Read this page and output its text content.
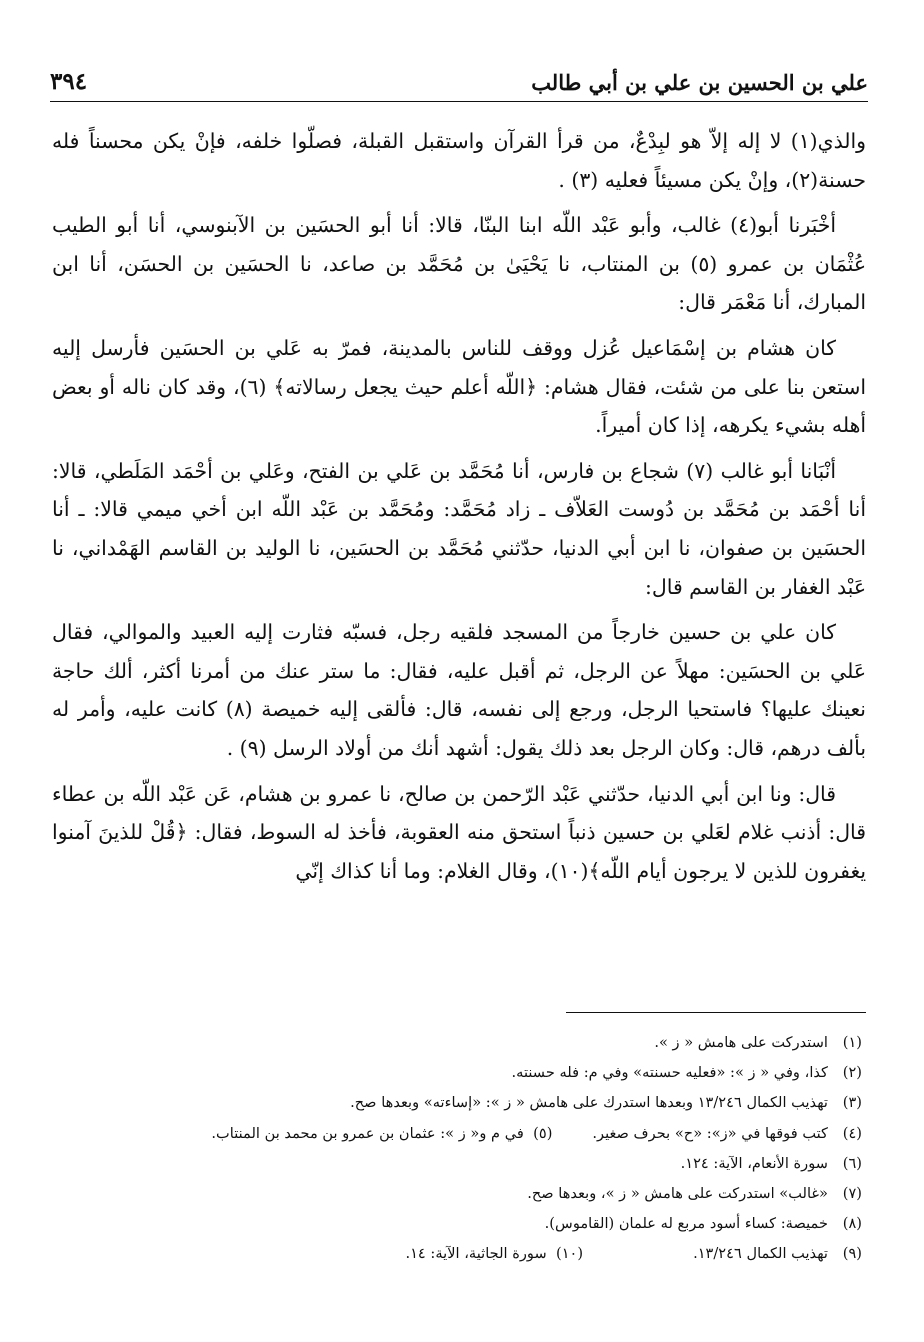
علي بن الحسين بن علي بن أبي طالب
٣٩٤

والذي(١) لا إله إلاّ هو لبِدْعٌ، من قرأ القرآن واستقبل القبلة، فصلّوا خلفه، فإنْ يكن محسناً فله حسنة(٢)، وإنْ يكن مسيئاً فعليه (٣) .

أخْبَرنا أبو(٤) غالب، وأبو عَبْد اللّه ابنا البنّا، قالا: أنا أبو الحسَين بن الآبنوسي، أنا أبو الطيب عُثْمَان بن عمرو (٥) بن المنتاب، نا يَحْيَىٰ بن مُحَمَّد بن صاعد، نا الحسَين بن الحسَن، أنا ابن المبارك، أنا مَعْمَر قال:

كان هشام بن إسْمَاعيل عُزل ووقف للناس بالمدينة، فمرّ به عَلي بن الحسَين فأرسل إليه استعن بنا على من شئت، فقال هشام: ﴿اللّه أعلم حيث يجعل رسالاته﴾ (٦)، وقد كان ناله أو بعض أهله بشيء يكرهه، إذا كان أميراً.

أنْبَانا أبو غالب (٧) شجاع بن فارس، أنا مُحَمَّد بن عَلي بن الفتح، وعَلي بن أحْمَد المَلَطي، قالا: أنا أحْمَد بن مُحَمَّد بن دُوست العَلاّف ـ زاد مُحَمَّد: ومُحَمَّد بن عَبْد اللّه ابن أخي ميمي قالا: ـ أنا الحسَين بن صفوان، نا ابن أبي الدنيا، حدّثني مُحَمَّد بن الحسَين، نا الوليد بن القاسم الهَمْداني، نا عَبْد الغفار بن القاسم قال:

كان علي بن حسين خارجاً من المسجد فلقيه رجل، فسبّه فثارت إليه العبيد والموالي، فقال عَلي بن الحسَين: مهلاً عن الرجل، ثم أقبل عليه، فقال: ما ستر عنك من أمرنا أكثر، ألك حاجة نعينك عليها؟ فاستحيا الرجل، ورجع إلى نفسه، قال: فألقى إليه خميصة (٨) كانت عليه، وأمر له بألف درهم، قال: وكان الرجل بعد ذلك يقول: أشهد أنك من أولاد الرسل (٩) .

قال: ونا ابن أبي الدنيا، حدّثني عَبْد الرّحمن بن صالح، نا عمرو بن هشام، عَن عَبْد اللّه بن عطاء قال: أذنب غلام لعَلي بن حسين ذنباً استحق منه العقوبة، فأخذ له السوط، فقال: ﴿قُلْ للذينَ آمنوا يغفرون للذين لا يرجون أيام اللّه﴾(١٠)، وقال الغلام: وما أنا كذاك إنّي

(١)استدركت على هامش « ز ».
(٢)كذا، وفي « ز »: «فعليه حسنته» وفي م: فله حسنته.
(٣)تهذيب الكمال ١٣/٢٤٦ وبعدها استدرك على هامش « ز »: «إساءته» وبعدها صح.
(٤)كتب فوقها في «ز»: «ح» بحرف صغير.(٥)  في م و« ز »: عثمان بن عمرو بن محمد بن المنتاب.
(٦)سورة الأنعام، الآية: ١٢٤.
(٧)«غالب» استدركت على هامش « ز »، وبعدها صح.
(٨)خميصة: كساء أسود مربع له علمان (القاموس).
(٩)تهذيب الكمال ١٣/٢٤٦.(١٠)  سورة الجاثية، الآية: ١٤.
